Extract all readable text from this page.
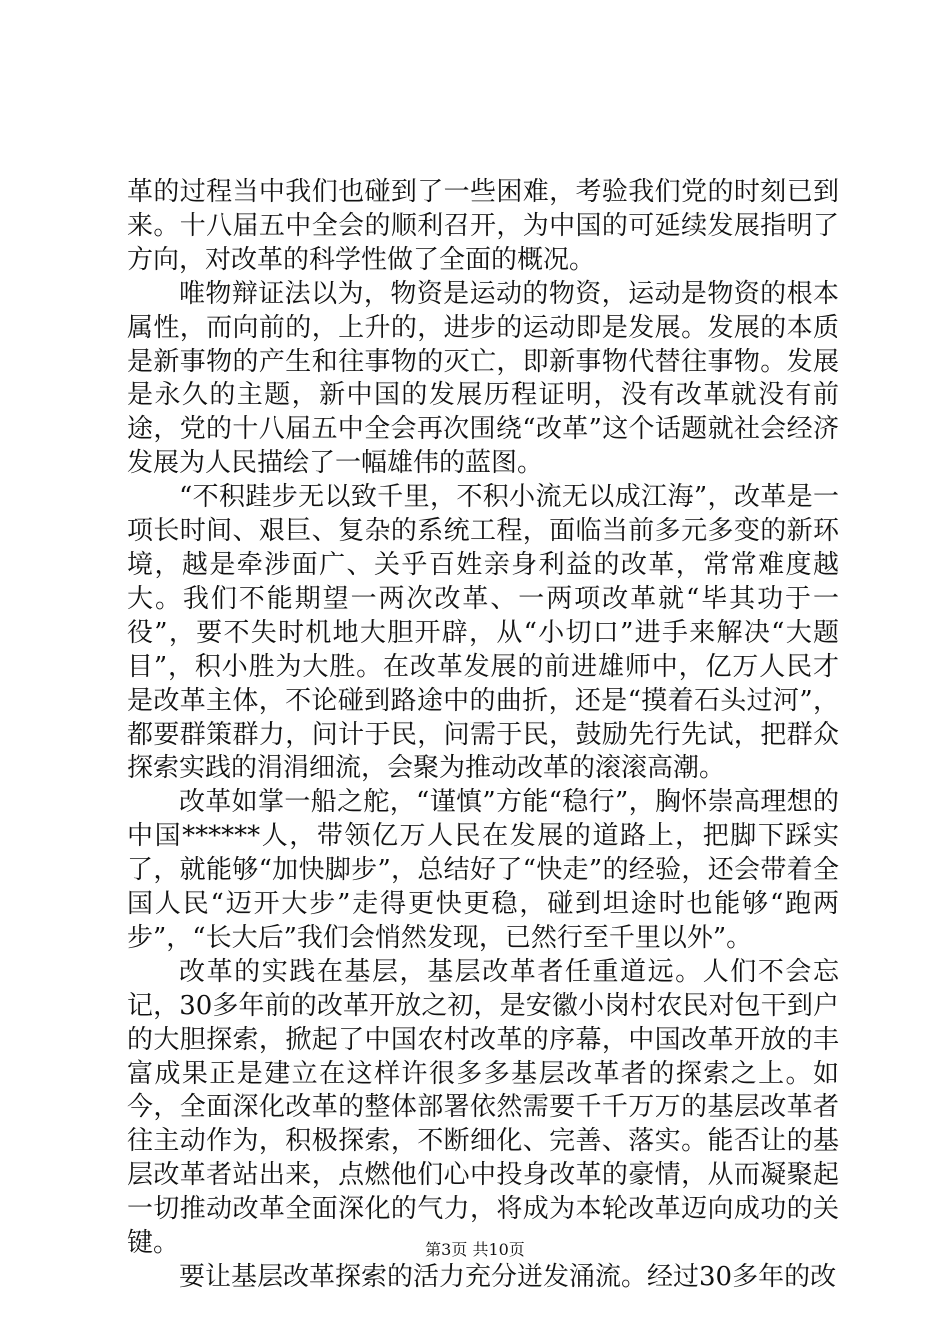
革的过程当中我们也碰到了一些困难，考验我们党的时刻已到来。十八届五中全会的顺利召开，为中国的可延续发展指明了方向，对改革的科学性做了全面的概况。

唯物辩证法以为，物资是运动的物资，运动是物资的根本属性，而向前的，上升的，进步的运动即是发展。发展的本质是新事物的产生和往事物的灭亡，即新事物代替往事物。发展是永久的主题，新中国的发展历程证明，没有改革就没有前途，党的十八届五中全会再次围绕“改革”这个话题就社会经济发展为人民描绘了一幅雄伟的蓝图。

“不积跬步无以致千里，不积小流无以成江海”，改革是一项长时间、艰巨、复杂的系统工程，面临当前多元多变的新环境，越是牵涉面广、关乎百姓亲身利益的改革，常常难度越大。我们不能期望一两次改革、一两项改革就“毕其功于一役”，要不失时机地大胆开辟，从“小切口”进手来解决“大题目”，积小胜为大胜。在改革发展的前进雄师中，亿万人民才是改革主体，不论碰到路途中的曲折，还是“摸着石头过河”，都要群策群力，问计于民，问需于民，鼓励先行先试，把群众探索实践的涓涓细流，会聚为推动改革的滚滚高潮。

改革如掌一船之舵，“谨慎”方能“稳行”，胸怀崇高理想的中国******人，带领亿万人民在发展的道路上，把脚下踩实了，就能够“加快脚步”，总结好了“快走”的经验，还会带着全国人民“迈开大步”走得更快更稳，碰到坦途时也能够“跑两步”，“长大后”我们会悄然发现，已然行至千里以外”。

改革的实践在基层，基层改革者任重道远。人们不会忘记，30多年前的改革开放之初，是安徽小岗村农民对包干到户的大胆探索，掀起了中国农村改革的序幕，中国改革开放的丰富成果正是建立在这样许很多多基层改革者的探索之上。如今，全面深化改革的整体部署依然需要千千万万的基层改革者往主动作为，积极探索，不断细化、完善、落实。能否让的基层改革者站出来，点燃他们心中投身改革的豪情，从而凝聚起一切推动改革全面深化的气力，将成为本轮改革迈向成功的关键。

要让基层改革探索的活力充分迸发涌流。经过30多年的改

第3页 共10页
